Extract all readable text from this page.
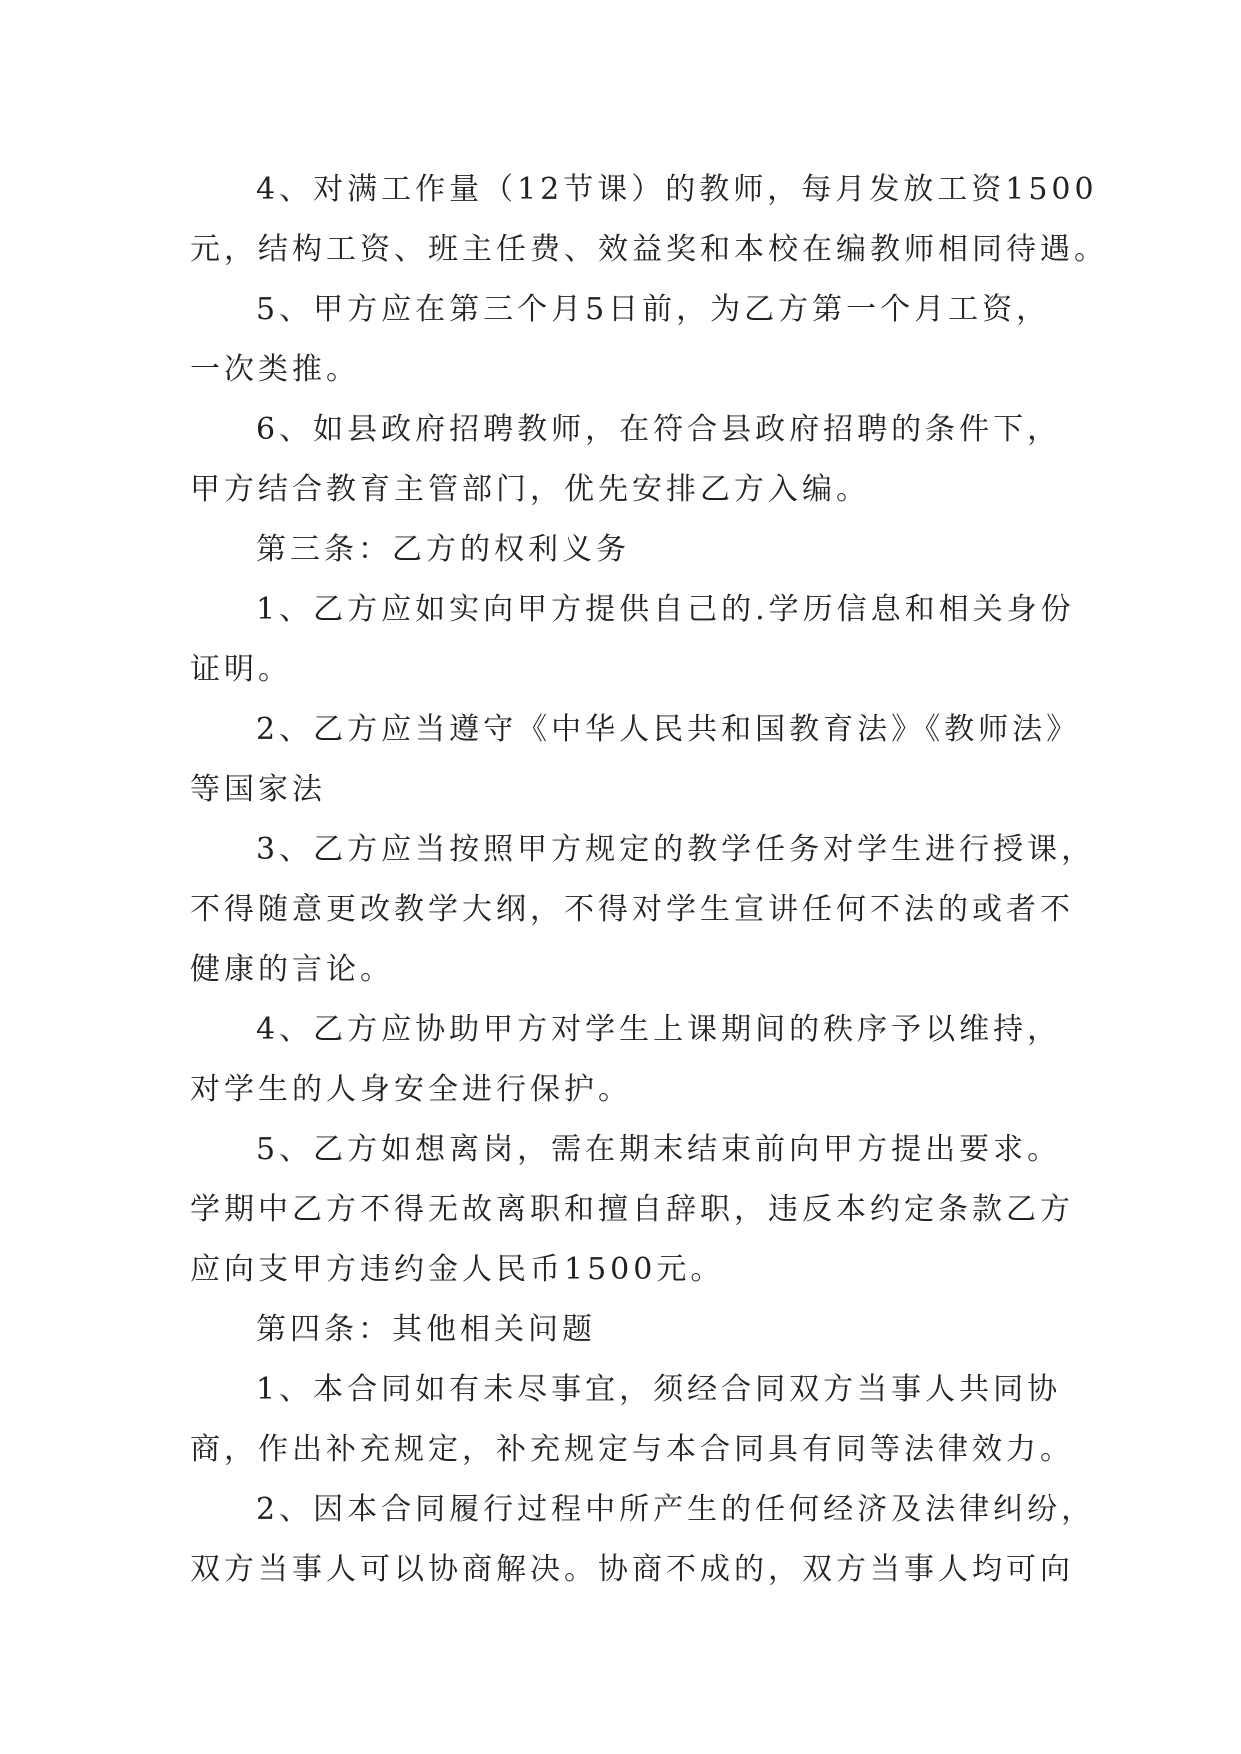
4、对满工作量（12节课）的教师，每月发放工资1500
元，结构工资、班主任费、效益奖和本校在编教师相同待遇。
5、甲方应在第三个月5日前，为乙方第一个月工资，
一次类推。
6、如县政府招聘教师，在符合县政府招聘的条件下，
甲方结合教育主管部门，优先安排乙方入编。
第三条：乙方的权利义务
1、乙方应如实向甲方提供自己的.学历信息和相关身份
证明。
2、乙方应当遵守《中华人民共和国教育法》《教师法》
等国家法
3、乙方应当按照甲方规定的教学任务对学生进行授课，
不得随意更改教学大纲，不得对学生宣讲任何不法的或者不
健康的言论。
4、乙方应协助甲方对学生上课期间的秩序予以维持，
对学生的人身安全进行保护。
5、乙方如想离岗，需在期末结束前向甲方提出要求。
学期中乙方不得无故离职和擅自辞职，违反本约定条款乙方
应向支甲方违约金人民币1500元。
第四条：其他相关问题
1、本合同如有未尽事宜，须经合同双方当事人共同协
商，作出补充规定，补充规定与本合同具有同等法律效力。
2、因本合同履行过程中所产生的任何经济及法律纠纷，
双方当事人可以协商解决。协商不成的，双方当事人均可向
